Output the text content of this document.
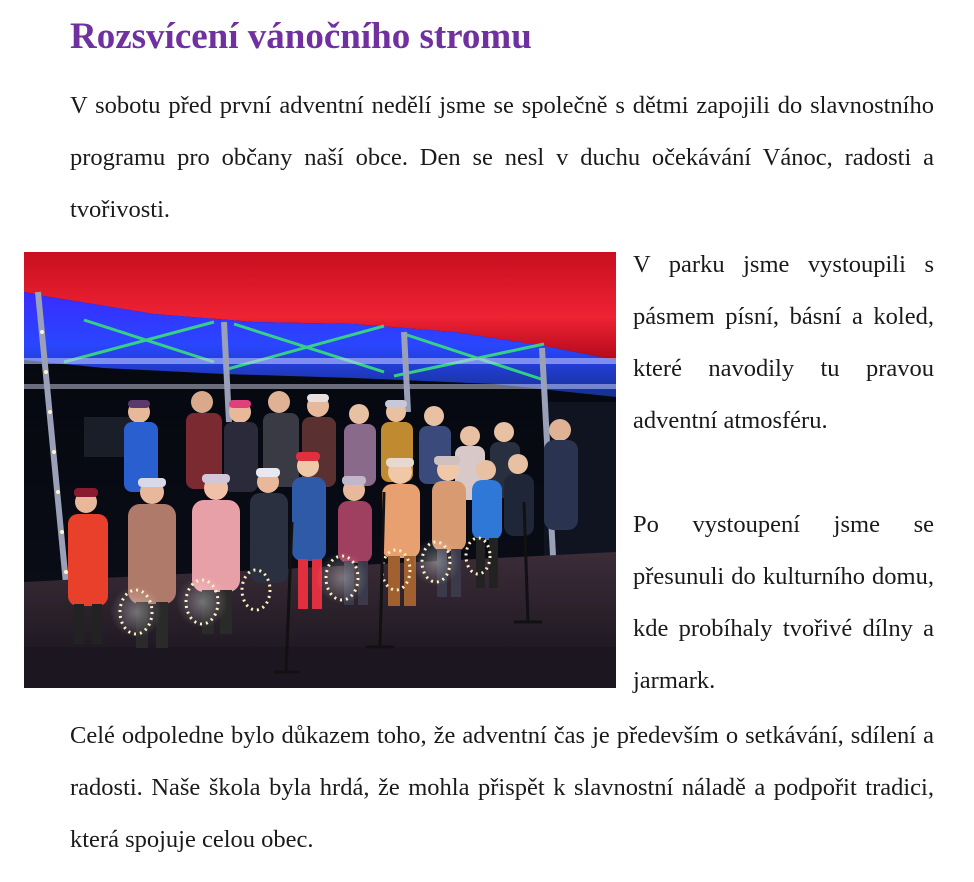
Rozsvícení vánočního stromu

V sobotu před první adventní nedělí jsme se společně s dětmi zapojili do slavnostního programu pro občany naší obce. Den se nesl v duchu očekávání Vánoc, radosti a tvořivosti.

V parku jsme vystoupili s pásmem písní, básní a koled, které navodily tu pravou adventní atmosféru.

Po vystoupení jsme se přesunuli do kulturního domu, kde probíhaly tvořivé dílny a jarmark.

Celé odpoledne bylo důkazem toho, že adventní čas je především o setkávání, sdílení a radosti. Naše škola byla hrdá, že mohla přispět k slavnostní náladě a podpořit tradici, která spojuje celou obec.
